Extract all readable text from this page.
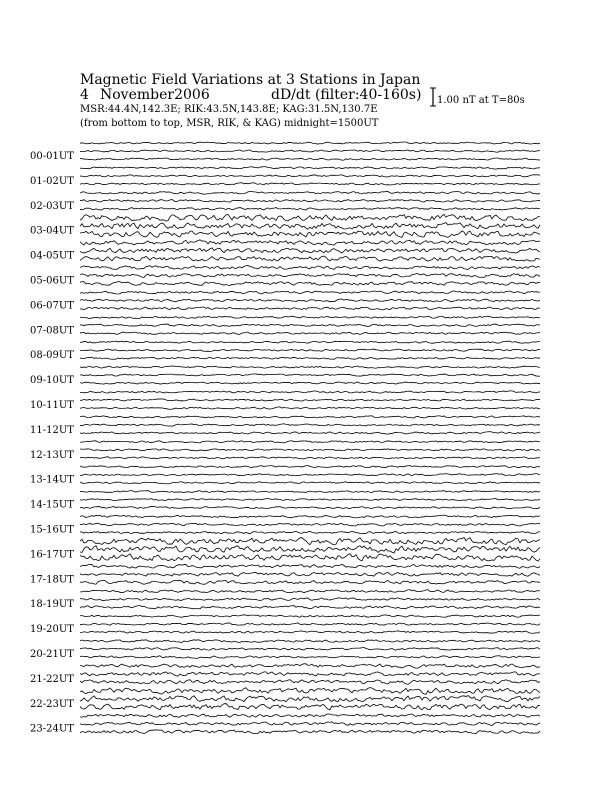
Magnetic Field Variations at 3 Stations in Japan
4 November2006	dD/dt (filter:40-160s)
MSR:44.4N,142.3E; RIK:43.5N,143.8E; KAG:31.5N,130.7E
(from bottom to top, MSR, RIK, & KAG) midnight=1500UT
1.00 nT at T=80s
00-01UT
01-02UT
02-03UT
03-04UT
04-05UT
05-06UT
06-07UT
07-08UT
08-09UT
09-10UT
10-11UT
11-12UT
12-13UT
13-14UT
14-15UT
15-16UT
16-17UT
17-18UT
18-19UT
19-20UT
20-21UT
21-22UT
22-23UT
23-24UT
